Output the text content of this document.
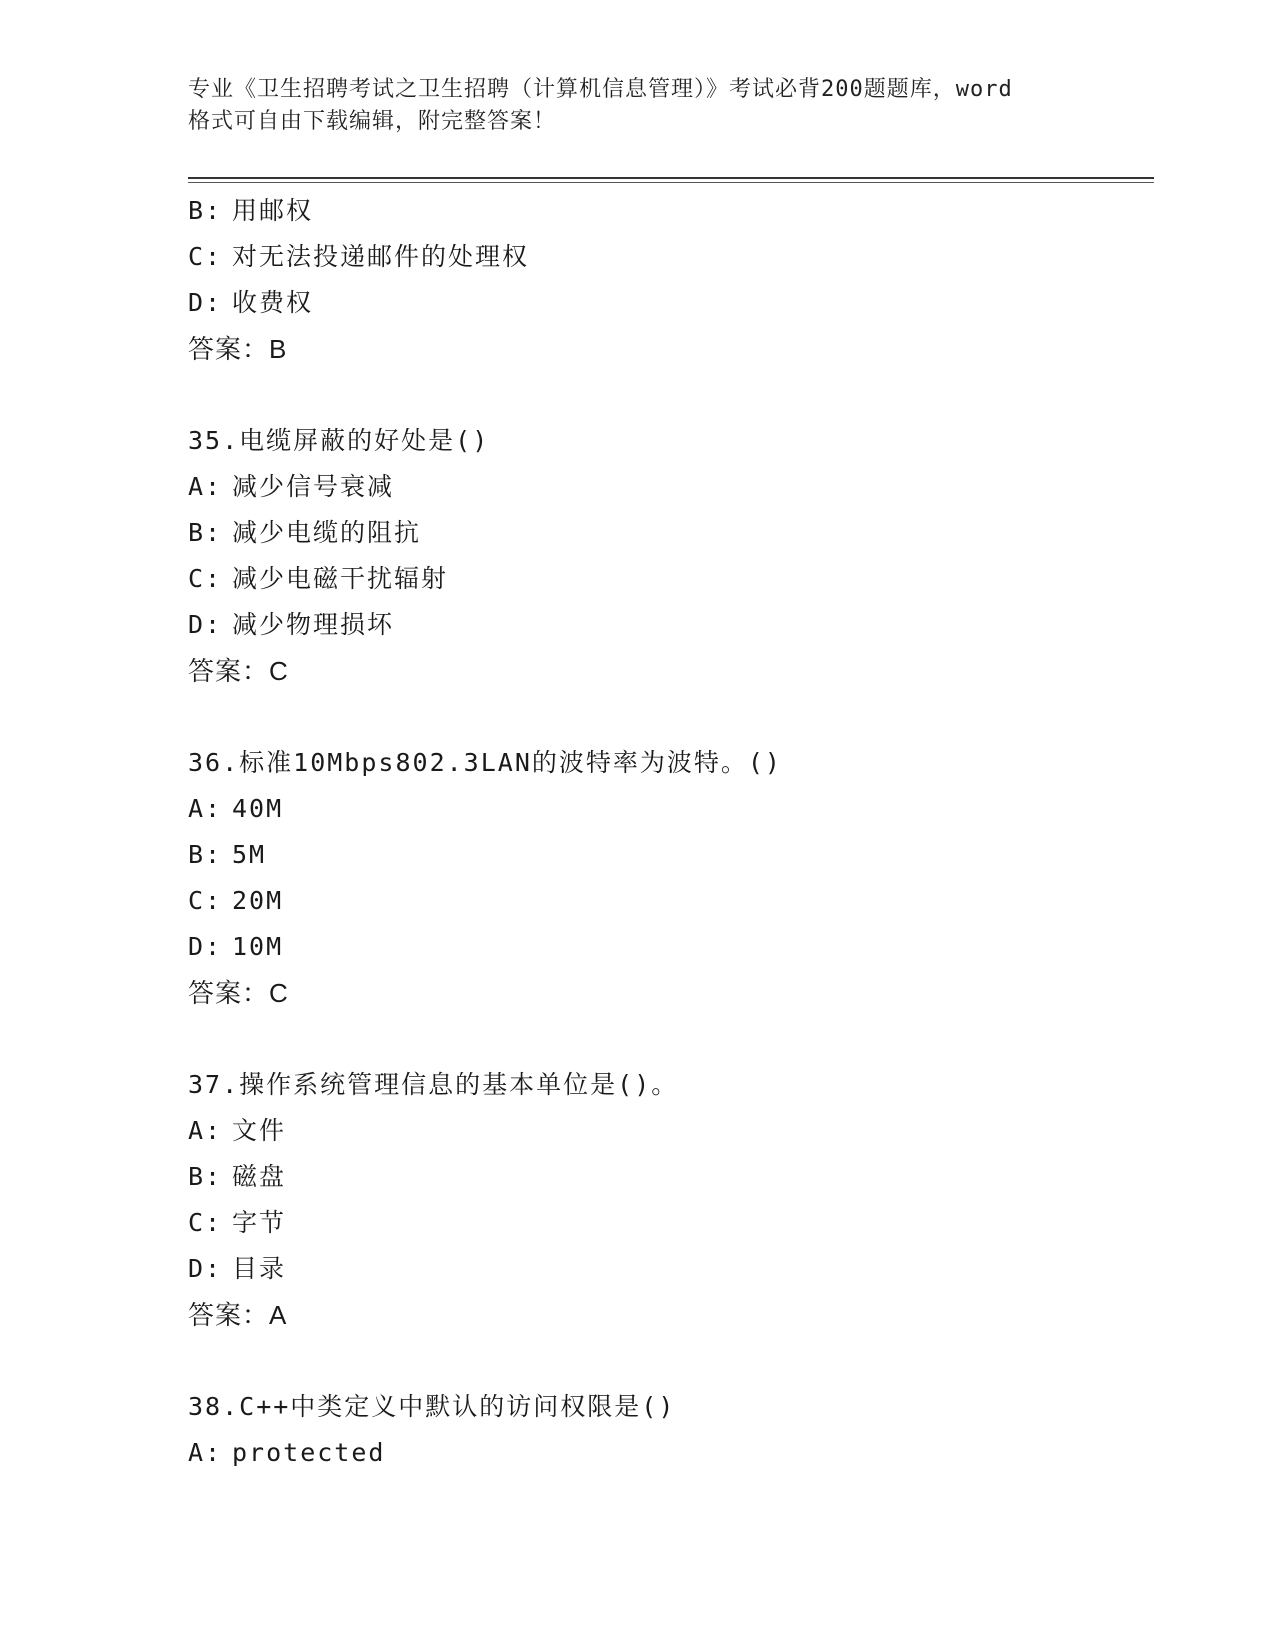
专业《卫生招聘考试之卫生招聘（计算机信息管理）》考试必背200题题库，word
格式可自由下载编辑，附完整答案！
B: 用邮权
C: 对无法投递邮件的处理权
D: 收费权
答案：B
35.电缆屏蔽的好处是()
A: 减少信号衰减
B: 减少电缆的阻抗
C: 减少电磁干扰辐射
D: 减少物理损坏
答案：C
36.标准10Mbps802.3LAN的波特率为波特。()
A: 40M
B: 5M
C: 20M
D: 10M
答案：C
37.操作系统管理信息的基本单位是()。
A: 文件
B: 磁盘
C: 字节
D: 目录
答案：A
38.C++中类定义中默认的访问权限是()
A: protected
